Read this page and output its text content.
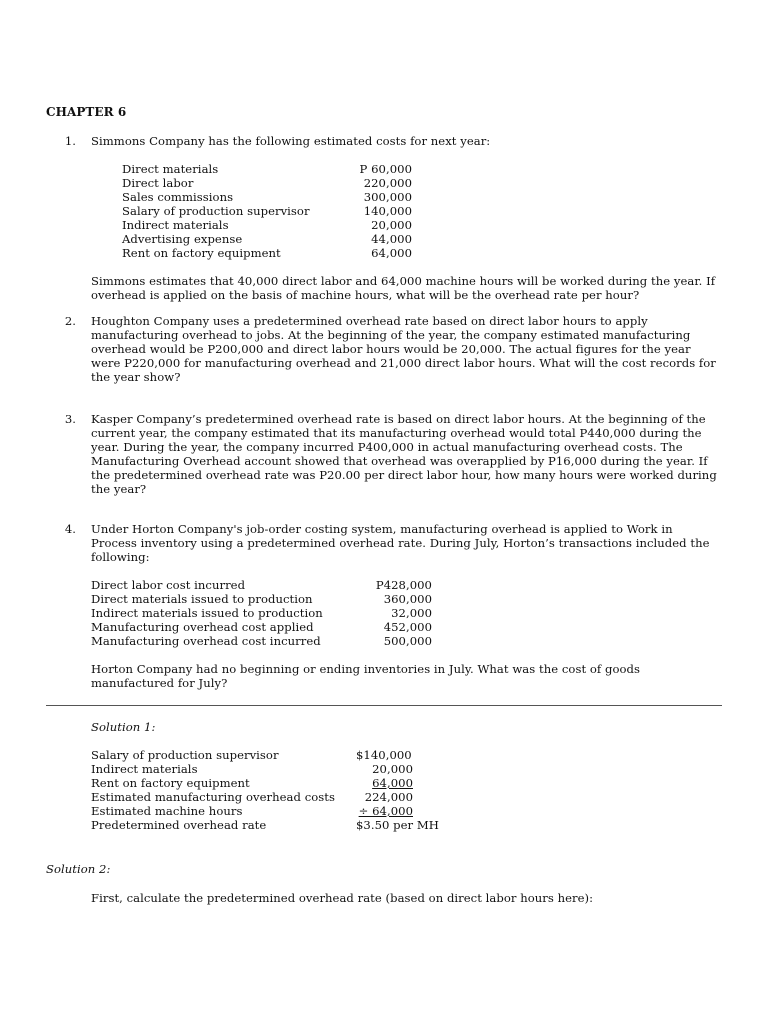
CHAPTER 6
1. Simmons Company has the following estimated costs for next year:
Direct materials	P 60,000
Direct labor	220,000
Sales commissions	300,000
Salary of production supervisor	140,000
Indirect materials	20,000
Advertising expense	44,000
Rent on factory equipment	64,000
Simmons estimates that 40,000 direct labor and 64,000 machine hours will be worked during the year. If
overhead is applied on the basis of machine hours, what will be the overhead rate per hour?
2. Houghton Company uses a predetermined overhead rate based on direct labor hours to apply
manufacturing overhead to jobs. At the beginning of the year, the company estimated manufacturing
overhead would be P200,000 and direct labor hours would be 20,000. The actual figures for the year
were P220,000 for manufacturing overhead and 21,000 direct labor hours. What will the cost records for
the year show?
3. Kasper Company’s predetermined overhead rate is based on direct labor hours. At the beginning of the
current year, the company estimated that its manufacturing overhead would total P440,000 during the
year. During the year, the company incurred P400,000 in actual manufacturing overhead costs. The
Manufacturing Overhead account showed that overhead was overapplied by P16,000 during the year. If
the predetermined overhead rate was P20.00 per direct labor hour, how many hours were worked during
the year?
4. Under Horton Company's job-order costing system, manufacturing overhead is applied to Work in
Process inventory using a predetermined overhead rate. During July, Horton’s transactions included the
following:
Direct labor cost incurred	P428,000
Direct materials issued to production	360,000
Indirect materials issued to production	32,000
Manufacturing overhead cost applied	452,000
Manufacturing overhead cost incurred	500,000
Horton Company had no beginning or ending inventories in July. What was the cost of goods
manufactured for July?
Solution 1:
Salary of production supervisor	$140,000
Indirect materials	20,000
Rent on factory equipment	64,000
Estimated manufacturing overhead costs	224,000
Estimated machine hours	÷ 64,000
Predetermined overhead rate	$3.50 per MH
Solution 2:
First, calculate the predetermined overhead rate (based on direct labor hours here):
